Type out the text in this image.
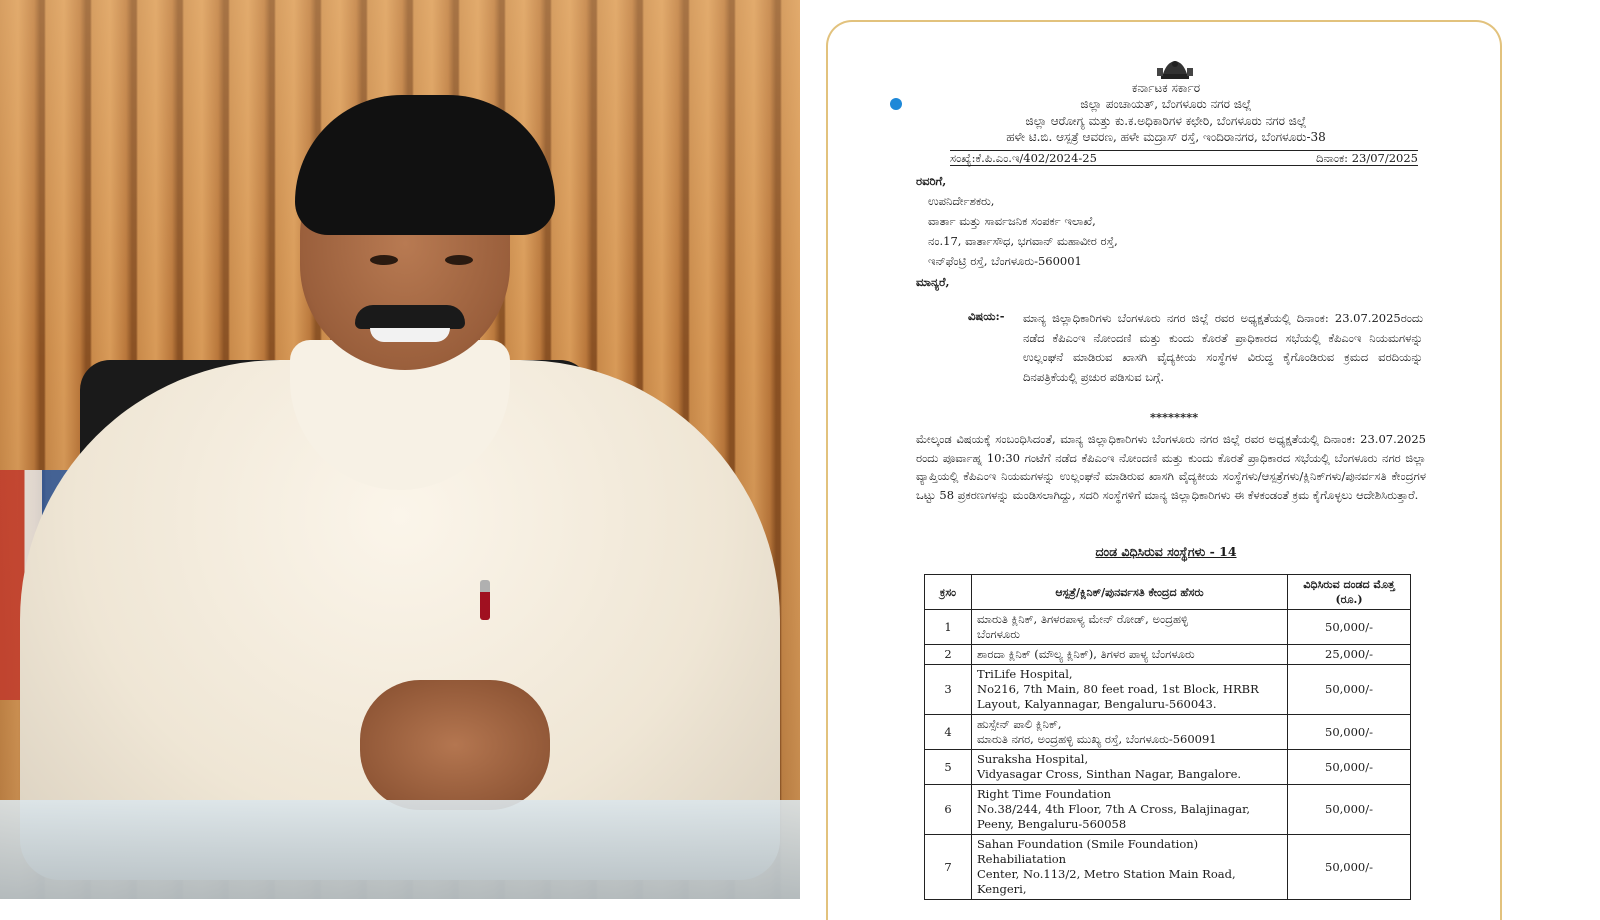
ಕರ್ನಾಟಕ ಸರ್ಕಾರ
ಜಿಲ್ಲಾ ಪಂಚಾಯತ್, ಬೆಂಗಳೂರು ನಗರ ಜಿಲ್ಲೆ
ಜಿಲ್ಲಾ ಆರೋಗ್ಯ ಮತ್ತು ಕು.ಕ.ಅಧಿಕಾರಿಗಳ ಕಛೇರಿ, ಬೆಂಗಳೂರು ನಗರ ಜಿಲ್ಲೆ
ಹಳೇ ಟಿ.ಬಿ. ಆಸ್ಪತ್ರೆ ಆವರಣ, ಹಳೇ ಮದ್ರಾಸ್ ರಸ್ತೆ, ಇಂದಿರಾನಗರ, ಬೆಂಗಳೂರು-38
ಸಂಖ್ಯೆ:ಕೆ.ಪಿ.ಎಂ.ಇ/402/2024-25	ದಿನಾಂಕ: 23/07/2025
ರವರಿಗೆ,
ಉಪನಿರ್ದೇಶಕರು,
ವಾರ್ತಾ ಮತ್ತು ಸಾರ್ವಜನಿಕ ಸಂಪರ್ಕ ಇಲಾಖೆ,
ನಂ.17, ವಾರ್ತಾಸೌಧ, ಭಗವಾನ್ ಮಹಾವೀರ ರಸ್ತೆ,
ಇನ್‌ಫೆಂಟ್ರಿ ರಸ್ತೆ, ಬೆಂಗಳೂರು-560001
ಮಾನ್ಯರೆ,
ವಿಷಯ:- ಮಾನ್ಯ ಜಿಲ್ಲಾಧಿಕಾರಿಗಳು ಬೆಂಗಳೂರು ನಗರ ಜಿಲ್ಲೆ ರವರ ಅಧ್ಯಕ್ಷತೆಯಲ್ಲಿ ದಿನಾಂಕ: 23.07.2025ರಂದು ನಡೆದ ಕೆಪಿಎಂಇ ನೋಂದಣಿ ಮತ್ತು ಕುಂದು ಕೊರತೆ ಪ್ರಾಧಿಕಾರದ ಸಭೆಯಲ್ಲಿ ಕೆಪಿಎಂಇ ನಿಯಮಗಳನ್ನು ಉಲ್ಲಂಘನೆ ಮಾಡಿರುವ ಖಾಸಗಿ ವೈದ್ಯಕೀಯ ಸಂಸ್ಥೆಗಳ ವಿರುದ್ಧ ಕೈಗೊಂಡಿರುವ ಕ್ರಮದ ವರದಿಯನ್ನು ದಿನಪತ್ರಿಕೆಯಲ್ಲಿ ಪ್ರಚುರ ಪಡಿಸುವ ಬಗ್ಗೆ.
********
ಮೇಲ್ಕಂಡ ವಿಷಯಕ್ಕೆ ಸಂಬಂಧಿಸಿದಂತೆ, ಮಾನ್ಯ ಜಿಲ್ಲಾಧಿಕಾರಿಗಳು ಬೆಂಗಳೂರು ನಗರ ಜಿಲ್ಲೆ ರವರ ಅಧ್ಯಕ್ಷತೆಯಲ್ಲಿ ದಿನಾಂಕ: 23.07.2025 ರಂದು ಪೂರ್ವಾಹ್ನ 10:30 ಗಂಟೆಗೆ ನಡೆದ ಕೆಪಿಎಂಇ ನೋಂದಣಿ ಮತ್ತು ಕುಂದು ಕೊರತೆ ಪ್ರಾಧಿಕಾರದ ಸಭೆಯಲ್ಲಿ ಬೆಂಗಳೂರು ನಗರ ಜಿಲ್ಲಾ ವ್ಯಾಪ್ತಿಯಲ್ಲಿ ಕೆಪಿಎಂಇ ನಿಯಮಗಳನ್ನು ಉಲ್ಲಂಘನೆ ಮಾಡಿರುವ ಖಾಸಗಿ ವೈದ್ಯಕೀಯ ಸಂಸ್ಥೆಗಳು/ಆಸ್ಪತ್ರೆಗಳು/ಕ್ಲಿನಿಕ್‌ಗಳು/ಪುನರ್ವಸತಿ ಕೇಂದ್ರಗಳ ಒಟ್ಟು 58 ಪ್ರಕರಣಗಳನ್ನು ಮಂಡಿಸಲಾಗಿದ್ದು, ಸದರಿ ಸಂಸ್ಥೆಗಳಿಗೆ ಮಾನ್ಯ ಜಿಲ್ಲಾಧಿಕಾರಿಗಳು ಈ ಕೆಳಕಂಡಂತೆ ಕ್ರಮ ಕೈಗೊಳ್ಳಲು ಆದೇಶಿಸಿರುತ್ತಾರೆ.
ದಂಡ ವಿಧಿಸಿರುವ ಸಂಸ್ಥೆಗಳು - 14
ಕ್ರಸಂ	ಆಸ್ಪತ್ರೆ/ಕ್ಲಿನಿಕ್/ಪುನರ್ವಸತಿ ಕೇಂದ್ರದ ಹೆಸರು	ವಿಧಿಸಿರುವ ದಂಡದ ಮೊತ್ತ (ರೂ.)
1	ಮಾರುತಿ ಕ್ಲಿನಿಕ್, ತಿಗಳರಪಾಳ್ಯ ಮೇನ್ ರೋಡ್, ಅಂದ್ರಹಳ್ಳಿ
ಬೆಂಗಳೂರು	50,000/-
2	ಶಾರದಾ ಕ್ಲಿನಿಕ್ (ಮೌಲ್ಯ ಕ್ಲಿನಿಕ್), ತಿಗಳರ ಪಾಳ್ಯ ಬೆಂಗಳೂರು	25,000/-
3	TriLife Hospital,
No216, 7th Main, 80 feet road, 1st Block, HRBR
Layout, Kalyannagar, Bengaluru-560043.	50,000/-
4	ಹುಸ್ಸೇನ್ ಪಾಲಿ ಕ್ಲಿನಿಕ್,
ಮಾರುತಿ ನಗರ, ಅಂದ್ರಹಳ್ಳಿ ಮುಖ್ಯ ರಸ್ತೆ, ಬೆಂಗಳೂರು-560091	50,000/-
5	Suraksha Hospital,
Vidyasagar Cross, Sinthan Nagar, Bangalore.	50,000/-
6	Right Time Foundation
No.38/244, 4th Floor, 7th A Cross, Balajinagar,
Peeny, Bengaluru-560058	50,000/-
7	Sahan Foundation (Smile Foundation) Rehabiliatation
Center, No.113/2, Metro Station Main Road, Kengeri,	50,000/-
